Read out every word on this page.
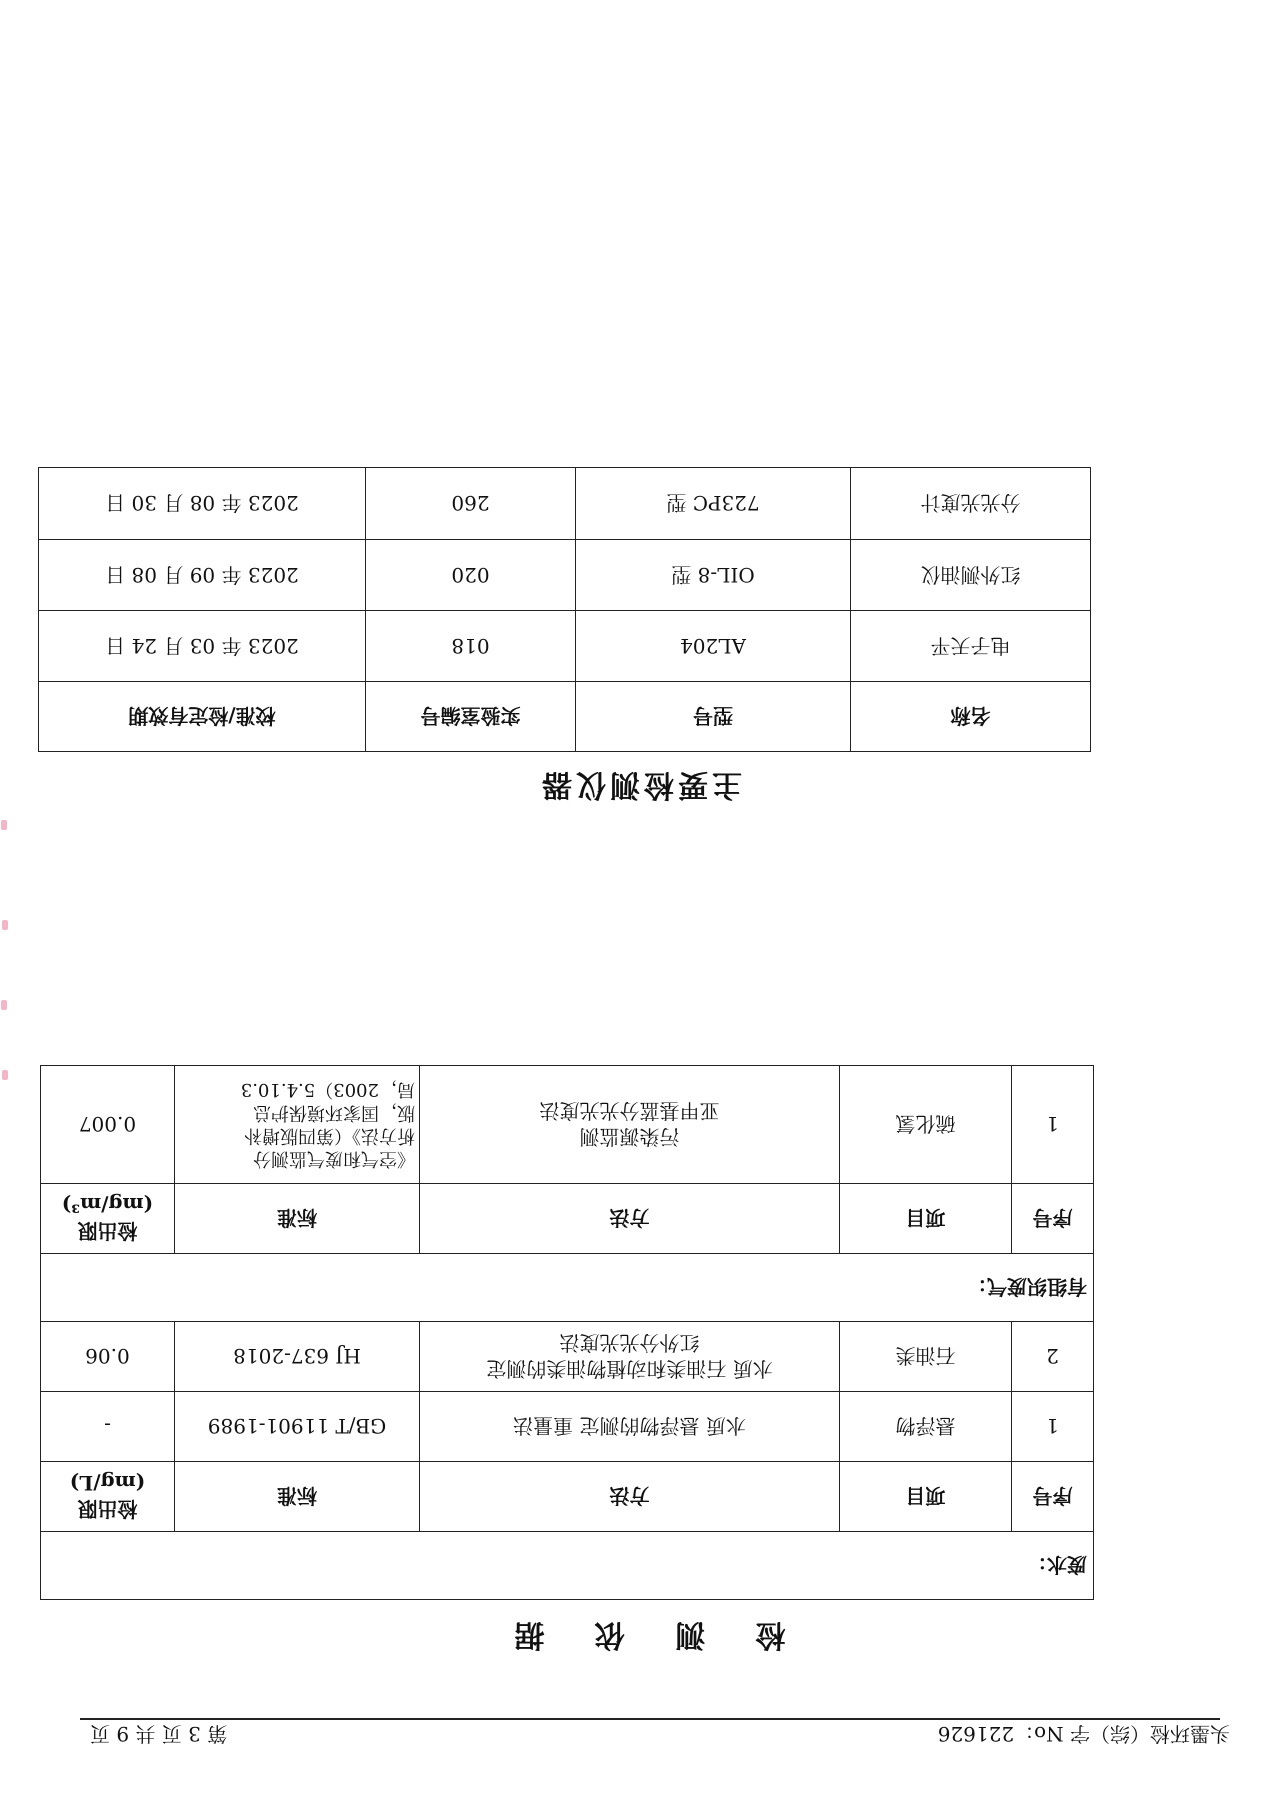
头墨环检（综）字 No：221626
第 3 页 共 9 页
检 测 依 据
废水：				
序号	项目	方法	标准	检出限
(mg/L)
1	悬浮物	水质 悬浮物的测定 重量法	GB/T 11901-1989	-
2	石油类	水质 石油类和动植物油类的测定
红外分光光度法	HJ 637-2018	0.06
有组织废气：				
序号	项目	方法	标准	检出限
(mg/m³)
1	硫化氢	污染源监测
亚甲基蓝分光光度法	《空气和废气监测分
析方法》（第四版增补
版，国家环境保护总
局，2003）5.4.10.3	0.007
主要检测仪器
名称	型号	实验室编号	校准/检定有效期
电子天平	AL204	018	2023 年 03 月 24 日
红外测油仪	OIL-8 型	020	2023 年 09 月 08 日
分光光度计	723PC 型	260	2023 年 08 月 30 日
